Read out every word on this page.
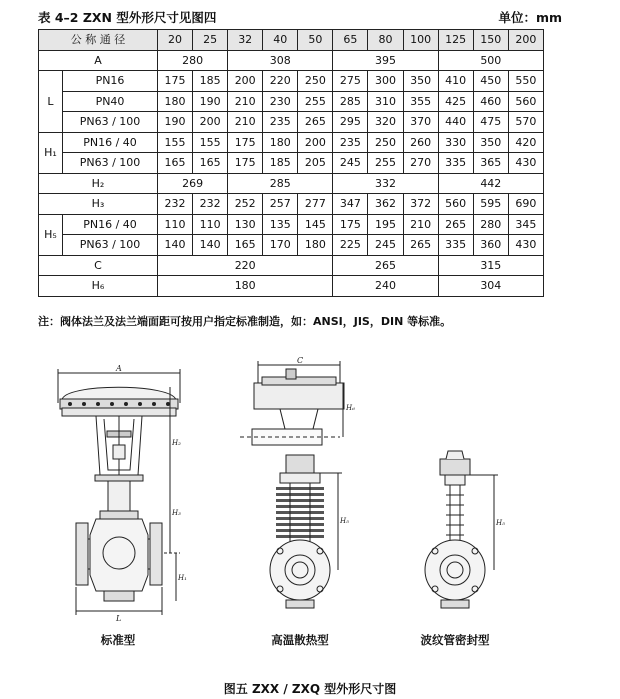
表 4–2 ZXN 型外形尺寸见图四	单位：mm
公 称 通 径		20	25	32	40	50	65	80	100	125	150	200
A		280		308			395			500		
L	PN16	175	185	200	220	250	275	300	350	410	450	550
	PN40	180	190	210	230	255	285	310	355	425	460	560
	PN63 / 100	190	200	210	235	265	295	320	370	440	475	570
H₁	PN16 / 40	155	155	175	180	200	235	250	260	330	350	420
	PN63 / 100	165	165	175	185	205	245	255	270	335	365	430
H₂		269		285			332			442		
H₃		232	232	252	257	277	347	362	372	560	595	690
H₅	PN16 / 40	110	110	130	135	145	175	195	210	265	280	345
	PN63 / 100	140	140	165	170	180	225	245	265	335	360	430
C		220					265			315		
H₆		180					240			304		
注：阀体法兰及法兰端面距可按用户指定标准制造，如：ANSI，JIS，DIN 等标准。
A
L
H₂
H₃
H₁
C
H₆
H₅	H₅
标准型	高温散热型	波纹管密封型
图五 ZXX / ZXQ 型外形尺寸图
